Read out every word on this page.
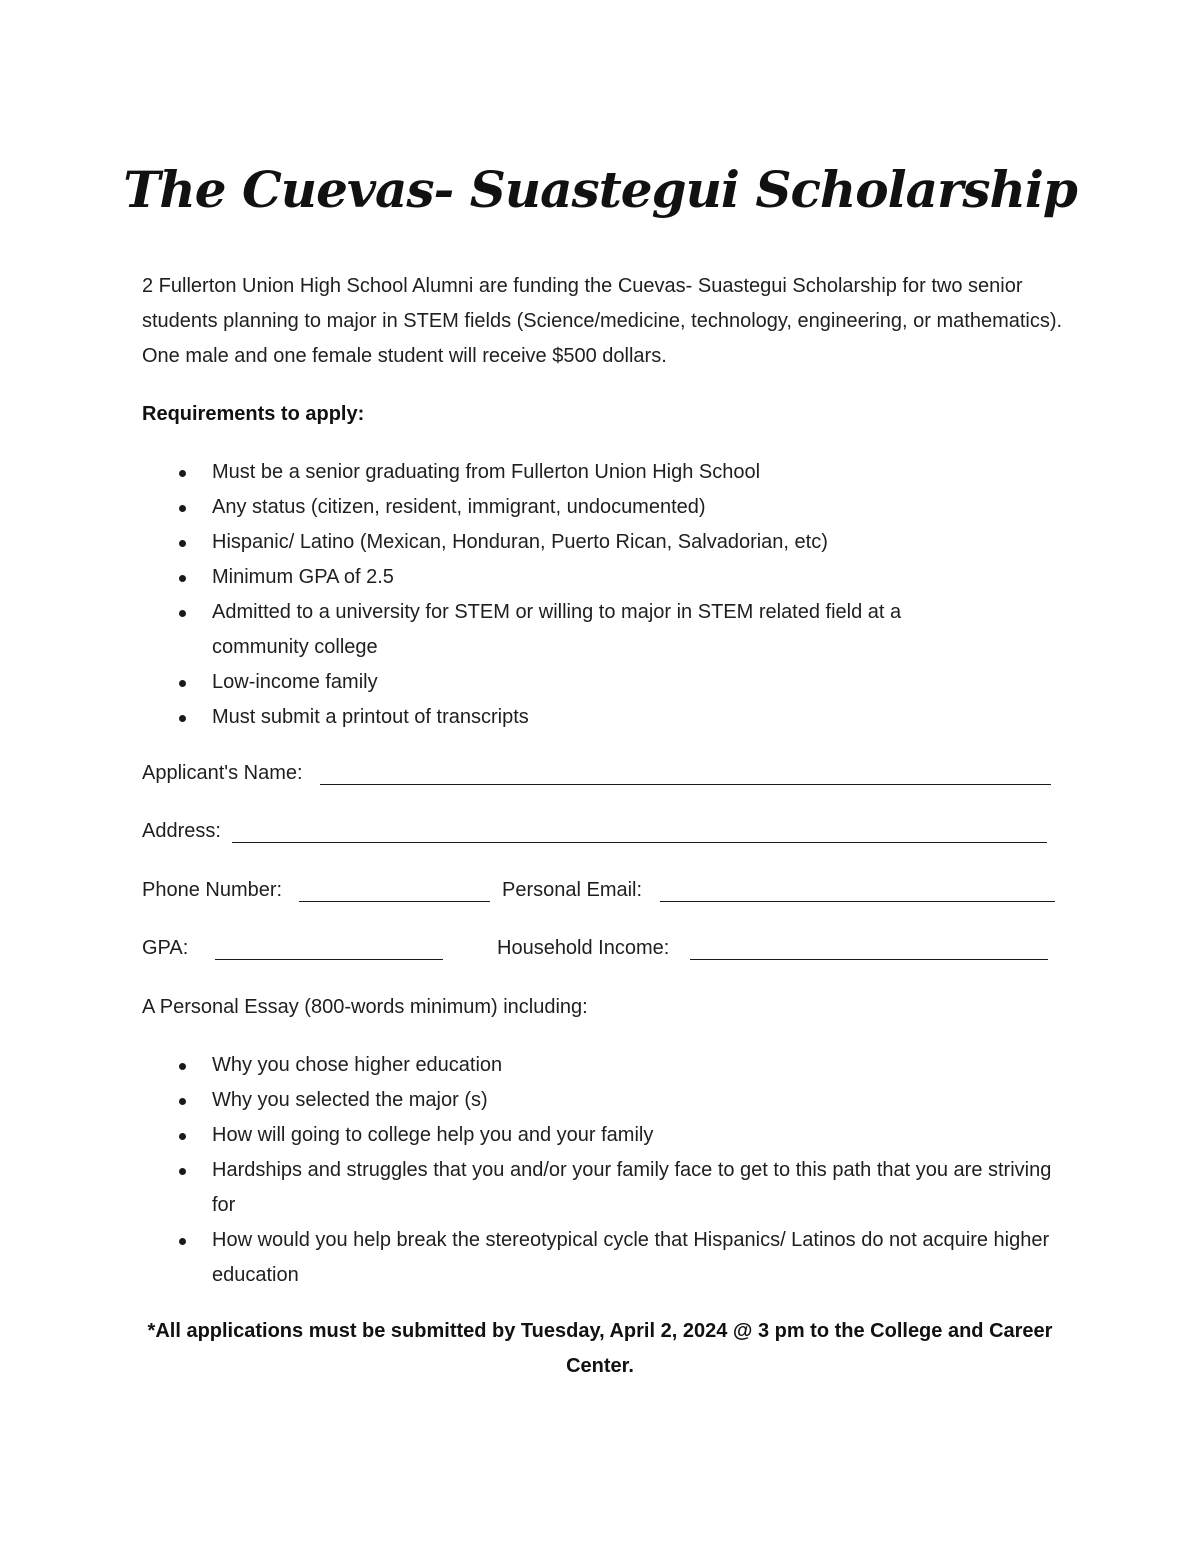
The Cuevas- Suastegui Scholarship

2 Fullerton Union High School Alumni are funding the Cuevas- Suastegui Scholarship for two senior students planning to major in STEM fields (Science/medicine, technology, engineering, or mathematics). One male and one female student will receive $500 dollars.

Requirements to apply:

Must be a senior graduating from Fullerton Union High School
Any status (citizen, resident, immigrant, undocumented)
Hispanic/ Latino (Mexican, Honduran, Puerto Rican, Salvadorian, etc)
Minimum GPA of 2.5
Admitted to a university for STEM or willing to major in STEM related field at a community college
Low-income family
Must submit a printout of transcripts

Applicant's Name:

Address:

Phone Number:	Personal Email:

GPA:	Household Income:

A Personal Essay (800-words minimum) including:

Why you chose higher education
Why you selected the major (s)
How will going to college help you and your family
Hardships and struggles that you and/or your family face to get to this path that you are striving for
How would you help break the stereotypical cycle that Hispanics/ Latinos do not acquire higher education

*All applications must be submitted by Tuesday, April 2, 2024 @ 3 pm to the College and Career Center.
